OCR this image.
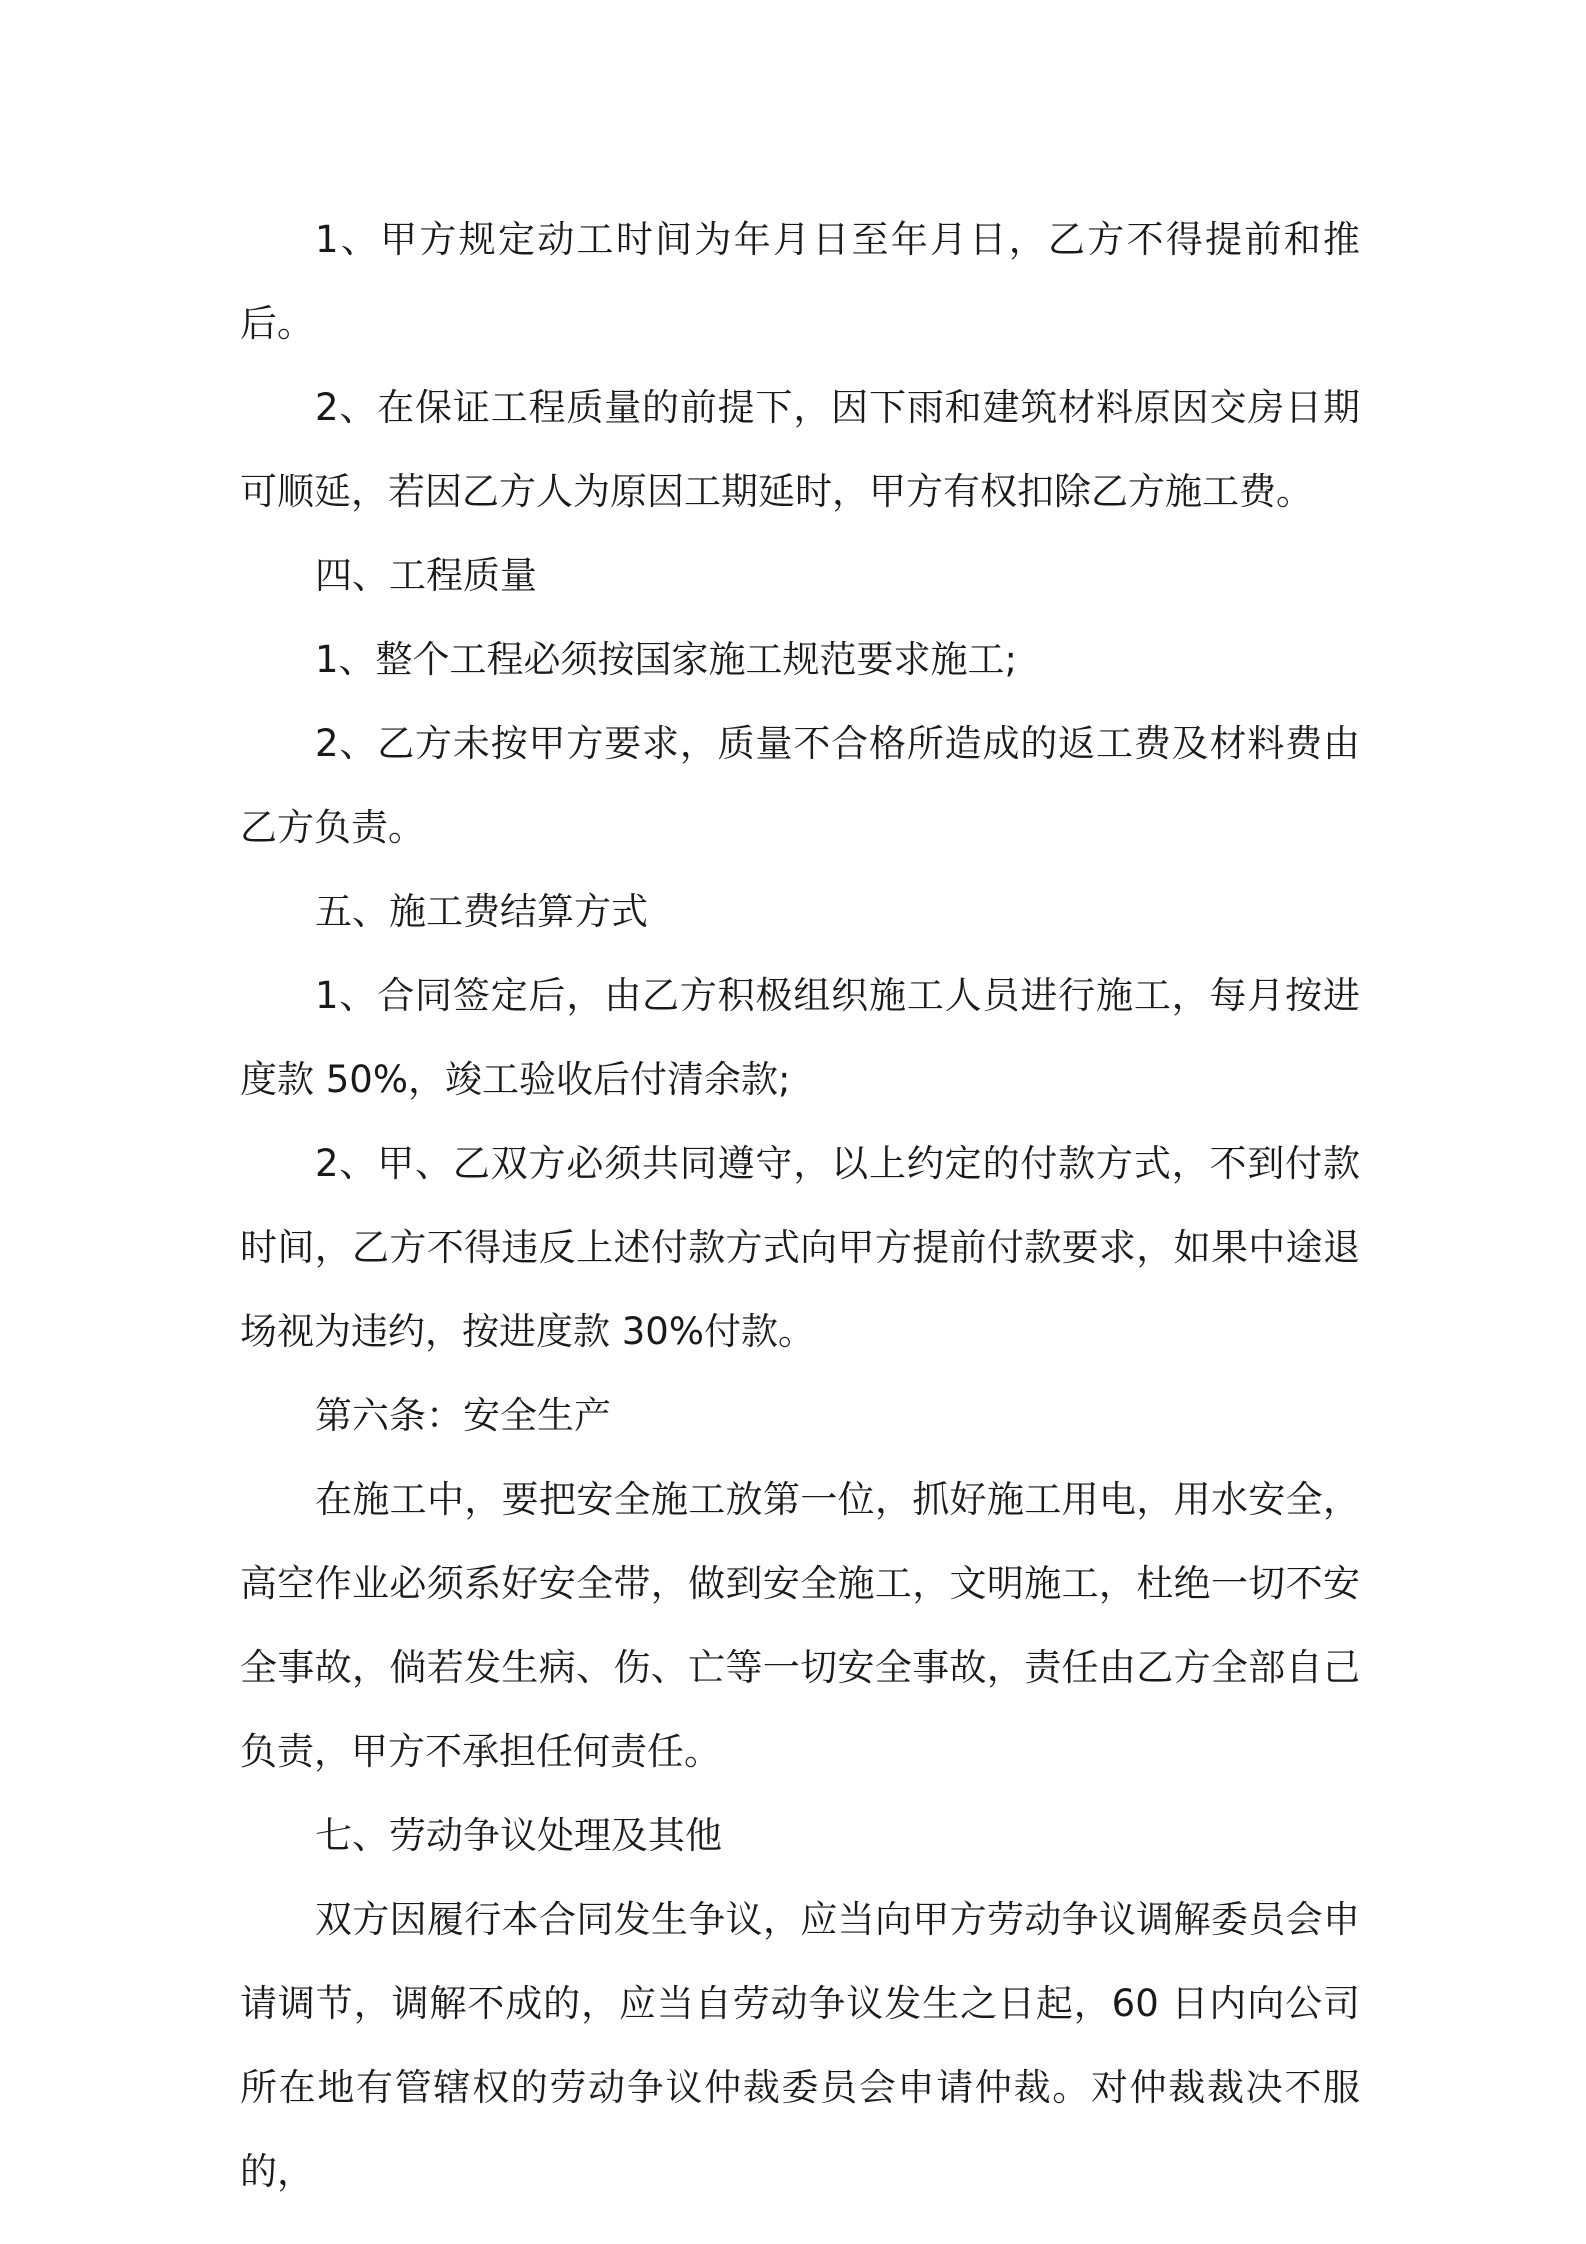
1、甲方规定动工时间为年月日至年月日，乙方不得提前和推后。

2、在保证工程质量的前提下，因下雨和建筑材料原因交房日期可顺延，若因乙方人为原因工期延时，甲方有权扣除乙方施工费。

四、工程质量

1、整个工程必须按国家施工规范要求施工;

2、乙方未按甲方要求，质量不合格所造成的返工费及材料费由乙方负责。

五、施工费结算方式

1、合同签定后，由乙方积极组织施工人员进行施工，每月按进度款 50%，竣工验收后付清余款;

2、甲、乙双方必须共同遵守，以上约定的付款方式，不到付款时间，乙方不得违反上述付款方式向甲方提前付款要求，如果中途退场视为违约，按进度款 30%付款。

第六条：安全生产

在施工中，要把安全施工放第一位，抓好施工用电，用水安全，高空作业必须系好安全带，做到安全施工，文明施工，杜绝一切不安全事故，倘若发生病、伤、亡等一切安全事故，责任由乙方全部自己负责，甲方不承担任何责任。

七、劳动争议处理及其他

双方因履行本合同发生争议，应当向甲方劳动争议调解委员会申请调节，调解不成的，应当自劳动争议发生之日起，60 日内向公司所在地有管辖权的劳动争议仲裁委员会申请仲裁。对仲裁裁决不服的，
